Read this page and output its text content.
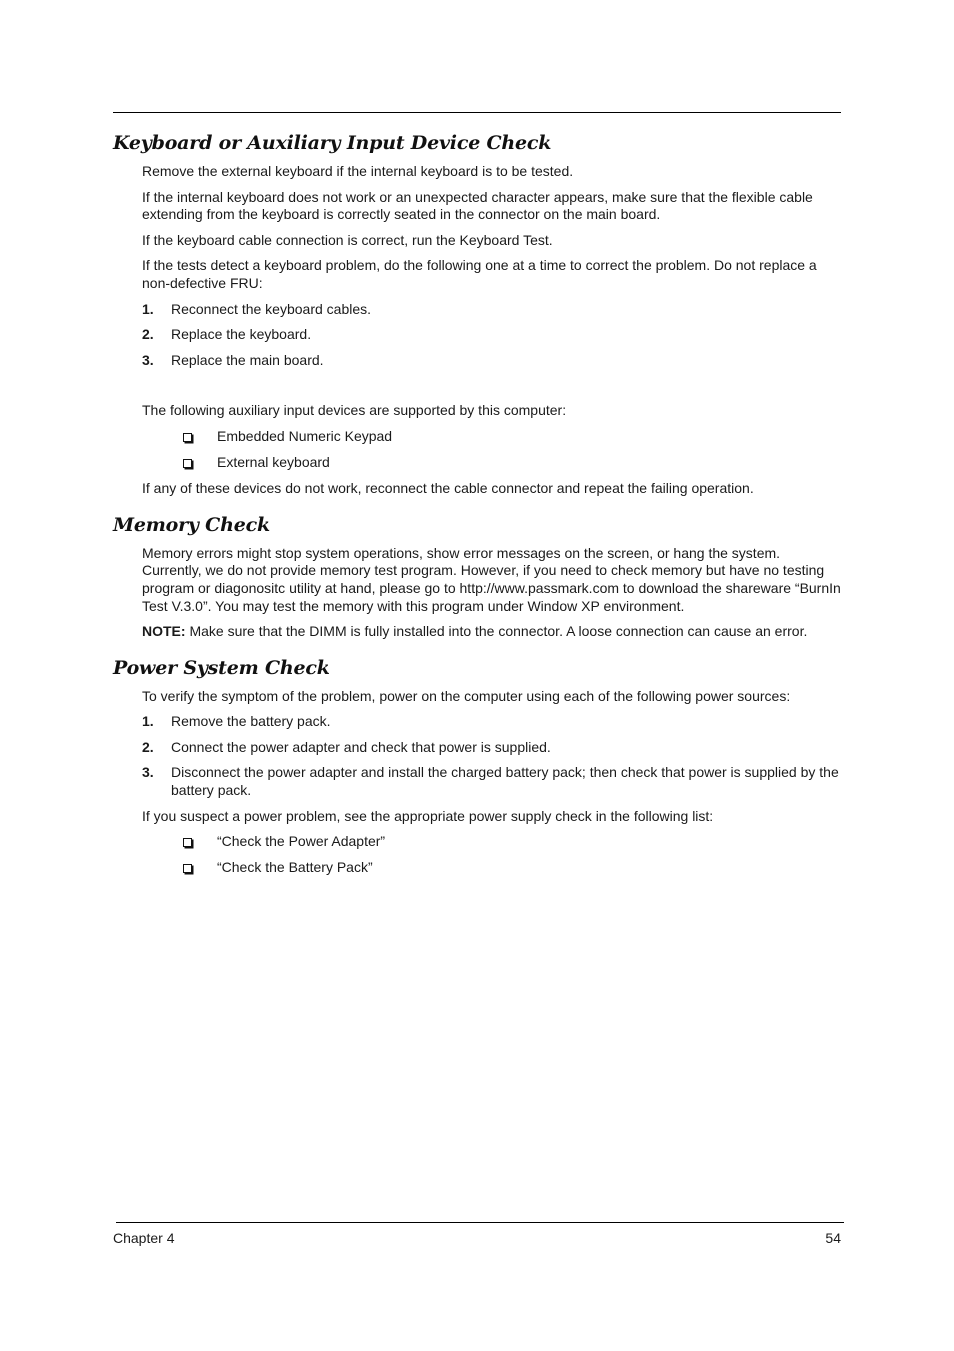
Keyboard or Auxiliary Input Device Check

Remove the external keyboard if the internal keyboard is to be tested.

If the internal keyboard does not work or an unexpected character appears, make sure that the flexible cable extending from the keyboard is correctly seated in the connector on the main board.

If the keyboard cable connection is correct, run the Keyboard Test.

If the tests detect a keyboard problem, do the following one at a time to correct the problem. Do not replace a non-defective FRU:

1. Reconnect the keyboard cables.
2. Replace the keyboard.
3. Replace the main board.

The following auxiliary input devices are supported by this computer:

Embedded Numeric Keypad
External keyboard

If any of these devices do not work, reconnect the cable connector and repeat the failing operation.

Memory Check

Memory errors might stop system operations, show error messages on the screen, or hang the system. Currently, we do not provide memory test program. However, if you need to check memory but have no testing program or diagonositc utility at hand, please go to http://www.passmark.com to download the shareware “BurnIn Test V.3.0”. You may test the memory with this program under Window XP environment.

NOTE: Make sure that the DIMM is fully installed into the connector. A loose connection can cause an error.

Power System Check

To verify the symptom of the problem, power on the computer using each of the following power sources:

1. Remove the battery pack.
2. Connect the power adapter and check that power is supplied.
3. Disconnect the power adapter and install the charged battery pack; then check that power is supplied by the battery pack.

If you suspect a power problem, see the appropriate power supply check in the following list:

“Check the Power Adapter”
“Check the Battery Pack”
Chapter 4	54
